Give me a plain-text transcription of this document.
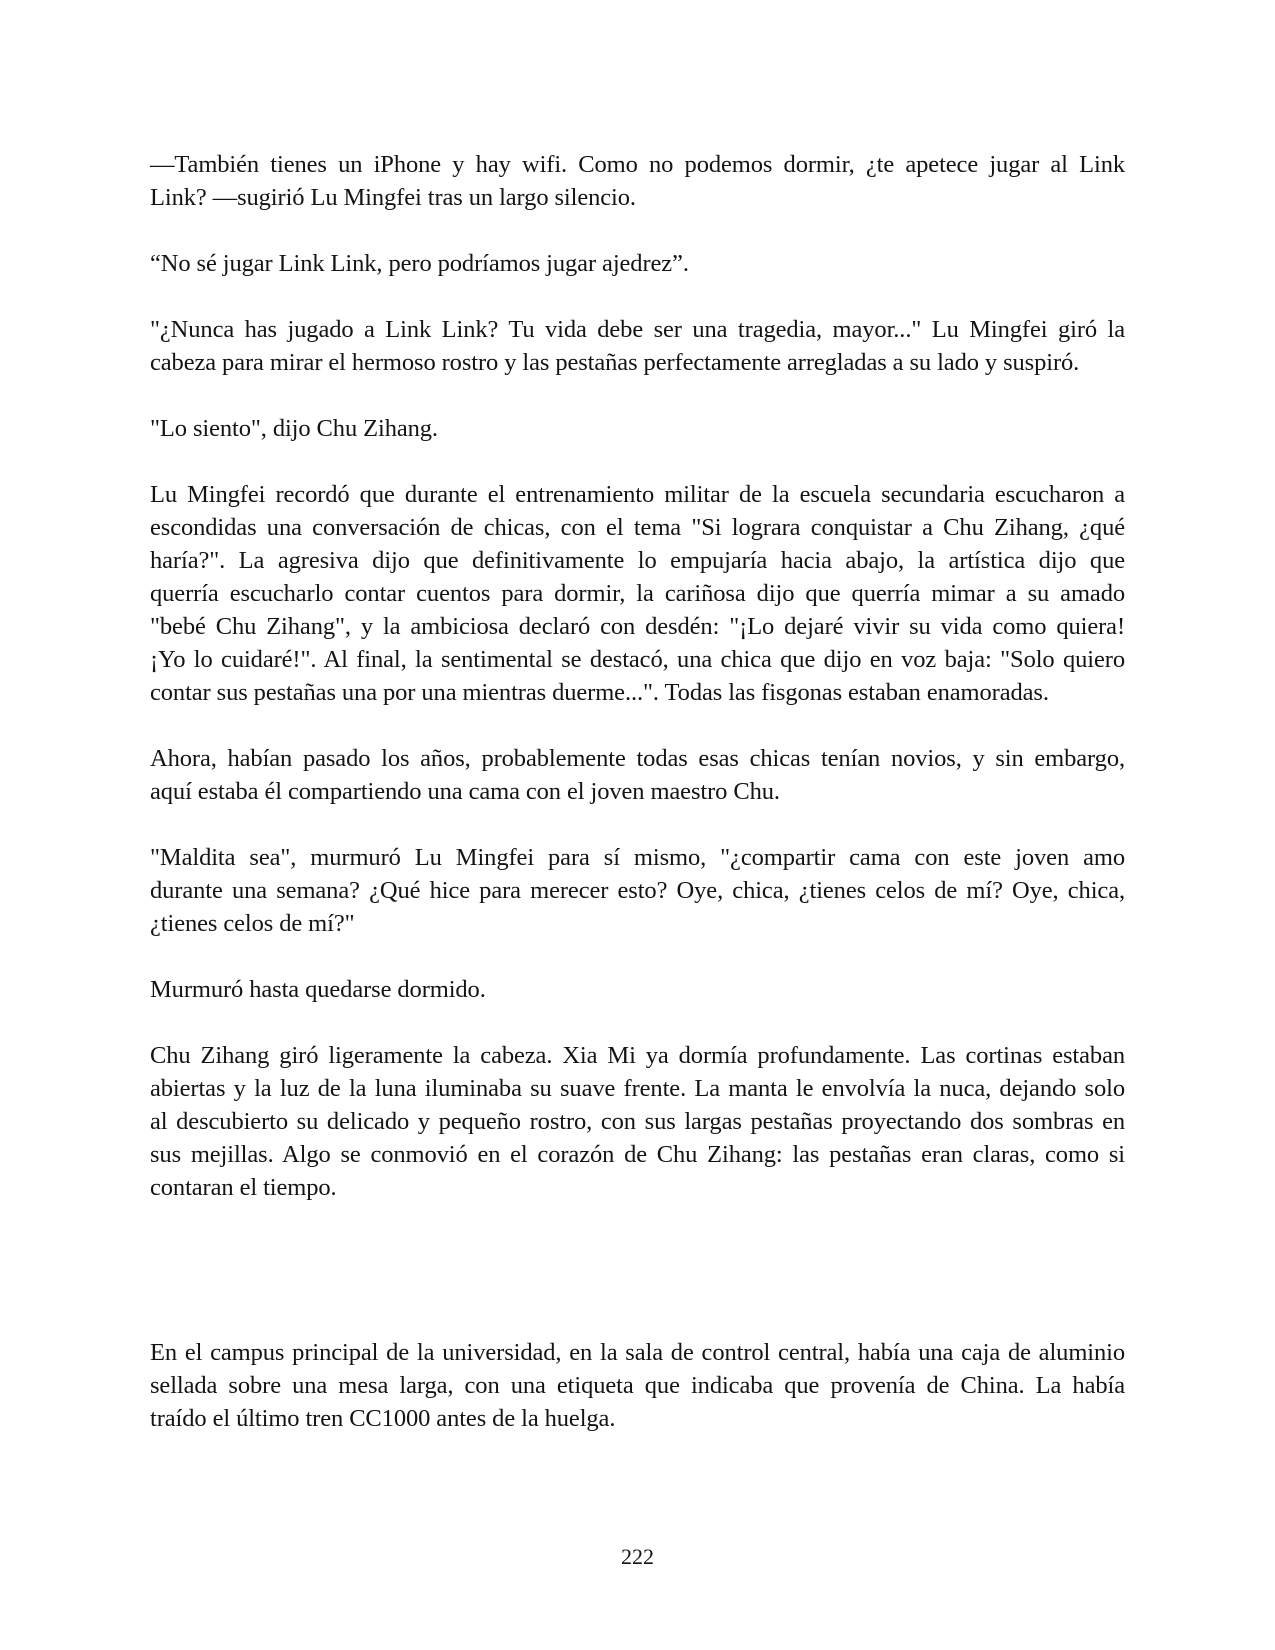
—También tienes un iPhone y hay wifi. Como no podemos dormir, ¿te apetece jugar al Link
Link? —sugirió Lu Mingfei tras un largo silencio.

“No sé jugar Link Link, pero podríamos jugar ajedrez”.

"¿Nunca has jugado a Link Link? Tu vida debe ser una tragedia, mayor..." Lu Mingfei giró la
cabeza para mirar el hermoso rostro y las pestañas perfectamente arregladas a su lado y suspiró.

"Lo siento", dijo Chu Zihang.

Lu Mingfei recordó que durante el entrenamiento militar de la escuela secundaria escucharon a
escondidas una conversación de chicas, con el tema "Si lograra conquistar a Chu Zihang, ¿qué
haría?". La agresiva dijo que definitivamente lo empujaría hacia abajo, la artística dijo que
querría escucharlo contar cuentos para dormir, la cariñosa dijo que querría mimar a su amado
"bebé Chu Zihang", y la ambiciosa declaró con desdén: "¡Lo dejaré vivir su vida como quiera!
¡Yo lo cuidaré!". Al final, la sentimental se destacó, una chica que dijo en voz baja: "Solo quiero
contar sus pestañas una por una mientras duerme...". Todas las fisgonas estaban enamoradas.

Ahora, habían pasado los años, probablemente todas esas chicas tenían novios, y sin embargo,
aquí estaba él compartiendo una cama con el joven maestro Chu.

"Maldita sea", murmuró Lu Mingfei para sí mismo, "¿compartir cama con este joven amo
durante una semana? ¿Qué hice para merecer esto? Oye, chica, ¿tienes celos de mí? Oye, chica,
¿tienes celos de mí?"

Murmuró hasta quedarse dormido.

Chu Zihang giró ligeramente la cabeza. Xia Mi ya dormía profundamente. Las cortinas estaban
abiertas y la luz de la luna iluminaba su suave frente. La manta le envolvía la nuca, dejando solo
al descubierto su delicado y pequeño rostro, con sus largas pestañas proyectando dos sombras en
sus mejillas. Algo se conmovió en el corazón de Chu Zihang: las pestañas eran claras, como si
contaran el tiempo.

En el campus principal de la universidad, en la sala de control central, había una caja de aluminio
sellada sobre una mesa larga, con una etiqueta que indicaba que provenía de China. La había
traído el último tren CC1000 antes de la huelga.

222
